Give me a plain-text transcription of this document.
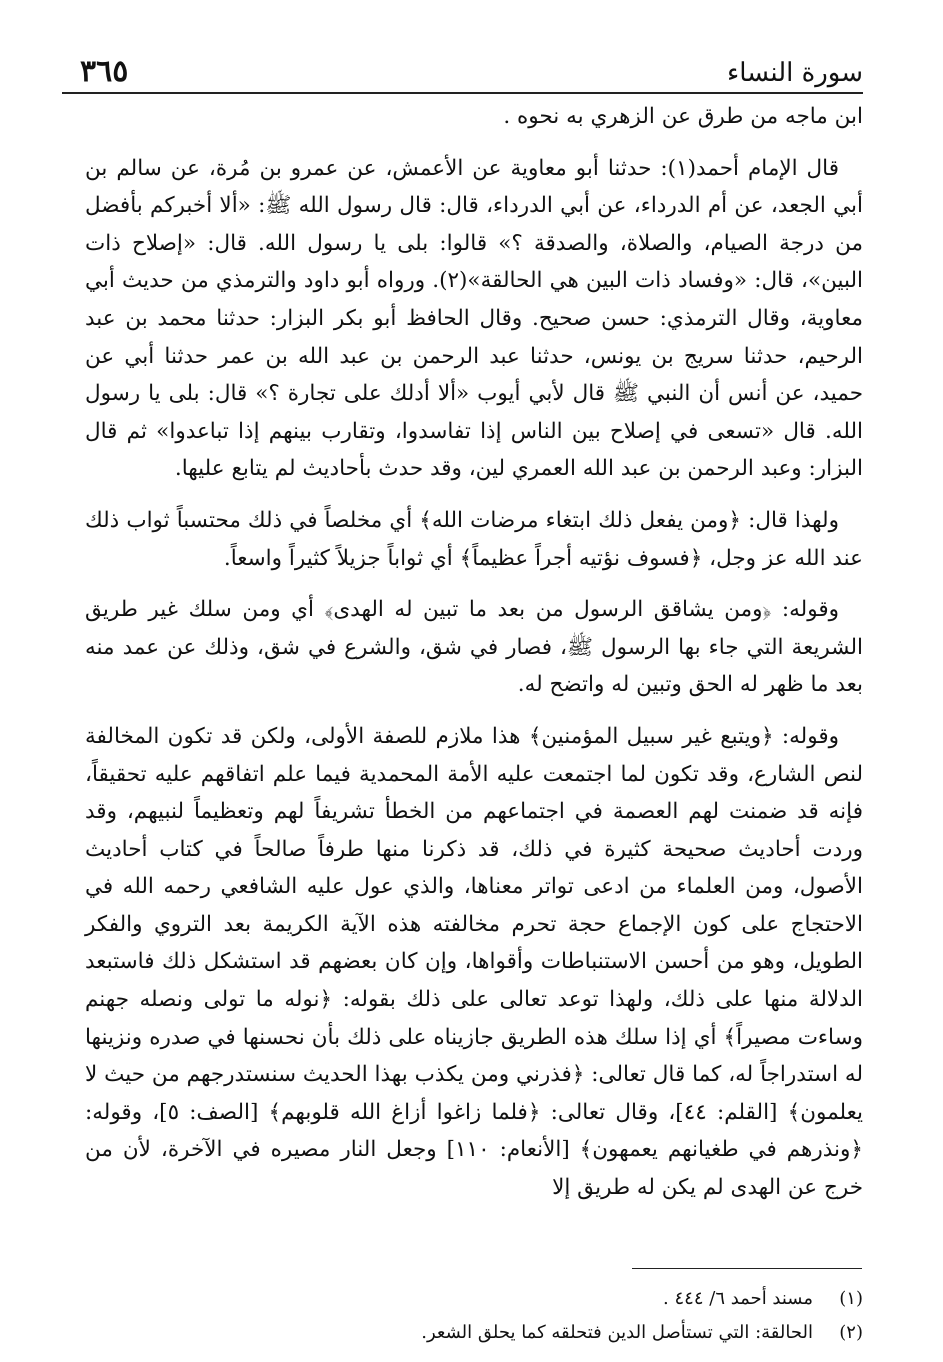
٣٦٥	سورة النساء

ابن ماجه من طرق عن الزهري به نحوه .

قال الإمام أحمد(١): حدثنا أبو معاوية عن الأعمش، عن عمرو بن مُرة، عن سالم بن أبي الجعد، عن أم الدرداء، عن أبي الدرداء، قال: قال رسول الله ﷺ: «ألا أخبركم بأفضل من درجة الصيام، والصلاة، والصدقة ؟» قالوا: بلى يا رسول الله. قال: «إصلاح ذات البين»، قال: «وفساد ذات البين هي الحالقة»(٢). ورواه أبو داود والترمذي من حديث أبي معاوية، وقال الترمذي: حسن صحيح. وقال الحافظ أبو بكر البزار: حدثنا محمد بن عبد الرحيم، حدثنا سريج بن يونس، حدثنا عبد الرحمن بن عبد الله بن عمر حدثنا أبي عن حميد، عن أنس أن النبي ﷺ قال لأبي أيوب «ألا أدلك على تجارة ؟» قال: بلى يا رسول الله. قال «تسعى في إصلاح بين الناس إذا تفاسدوا، وتقارب بينهم إذا تباعدوا» ثم قال البزار: وعبد الرحمن بن عبد الله العمري لين، وقد حدث بأحاديث لم يتابع عليها.

ولهذا قال: ﴿ومن يفعل ذلك ابتغاء مرضات الله﴾ أي مخلصاً في ذلك محتسباً ثواب ذلك عند الله عز وجل، ﴿فسوف نؤتيه أجراً عظيماً﴾ أي ثواباً جزيلاً كثيراً واسعاً.

وقوله: ﴿ومن يشاقق الرسول من بعد ما تبين له الهدى﴾ أي ومن سلك غير طريق الشريعة التي جاء بها الرسول ﷺ، فصار في شق، والشرع في شق، وذلك عن عمد منه بعد ما ظهر له الحق وتبين له واتضح له.

وقوله: ﴿ويتبع غير سبيل المؤمنين﴾ هذا ملازم للصفة الأولى، ولكن قد تكون المخالفة لنص الشارع، وقد تكون لما اجتمعت عليه الأمة المحمدية فيما علم اتفاقهم عليه تحقيقاً، فإنه قد ضمنت لهم العصمة في اجتماعهم من الخطأ تشريفاً لهم وتعظيماً لنبيهم، وقد وردت أحاديث صحيحة كثيرة في ذلك، قد ذكرنا منها طرفاً صالحاً في كتاب أحاديث الأصول، ومن العلماء من ادعى تواتر معناها، والذي عول عليه الشافعي رحمه الله في الاحتجاج على كون الإجماع حجة تحرم مخالفته هذه الآية الكريمة بعد التروي والفكر الطويل، وهو من أحسن الاستنباطات وأقواها، وإن كان بعضهم قد استشكل ذلك فاستبعد الدلالة منها على ذلك، ولهذا توعد تعالى على ذلك بقوله: ﴿نوله ما تولى ونصله جهنم وساءت مصيراً﴾ أي إذا سلك هذه الطريق جازيناه على ذلك بأن نحسنها في صدره ونزينها له استدراجاً له، كما قال تعالى: ﴿فذرني ومن يكذب بهذا الحديث سنستدرجهم من حيث لا يعلمون﴾ [القلم: ٤٤]، وقال تعالى: ﴿فلما زاغوا أزاغ الله قلوبهم﴾ [الصف: ٥]، وقوله: ﴿ونذرهم في طغيانهم يعمهون﴾ [الأنعام: ١١٠] وجعل النار مصيره في الآخرة، لأن من خرج عن الهدى لم يكن له طريق إلا

(١)
مسند أحمد ٦/ ٤٤٤ .
(٢)
الحالقة: التي تستأصل الدين فتحلقه كما يحلق الشعر.
